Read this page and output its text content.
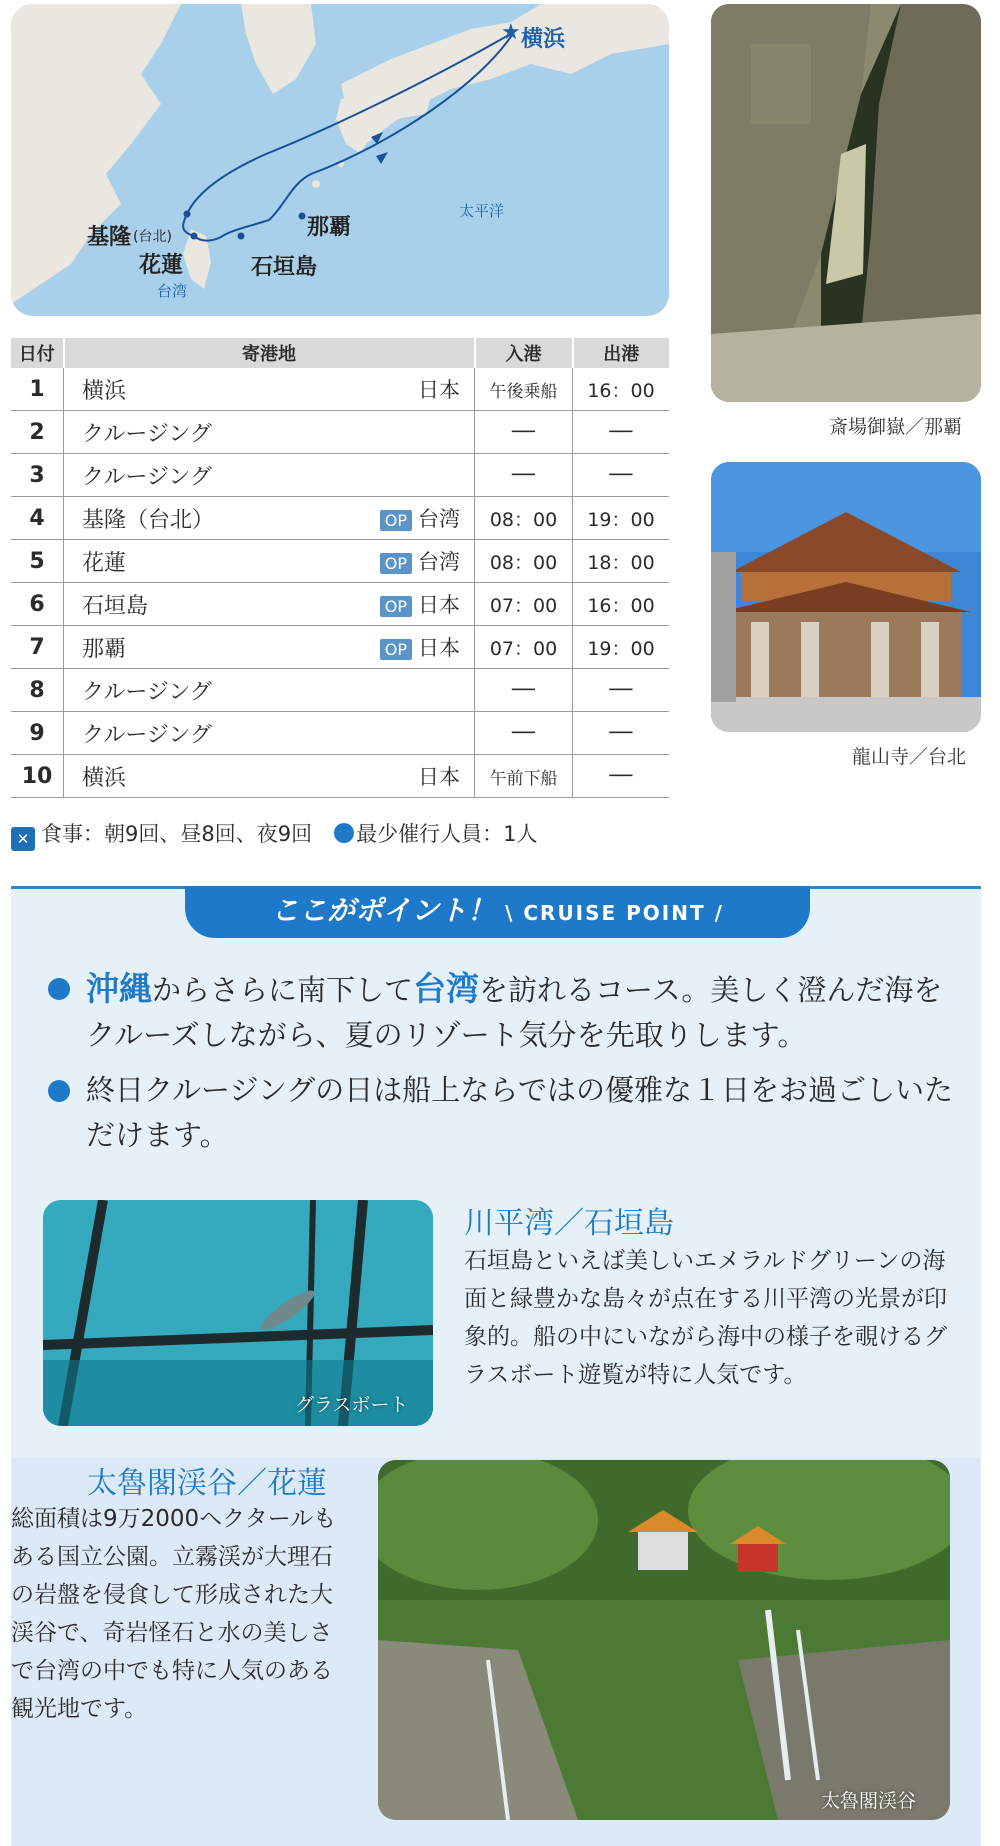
★ 横浜
基隆 (台北)
花蓮
台湾
石垣島
那覇
太平洋
日付	寄港地	入港	出港
1	横浜 日本	午後乗船	16：00
2	クルージング	──	──
3	クルージング	──	──
4	基隆（台北） OP 台湾	08：00	19：00
5	花蓮 OP 台湾	08：00	18：00
6	石垣島 OP 日本	07：00	16：00
7	那覇 OP 日本	07：00	19：00
8	クルージング	──	──
9	クルージング	──	──
10	横浜 日本	午前下船	──
✕ 食事：朝9回、昼8回、夜9回 最少催行人員：1人
斎場御嶽／那覇
龍山寺／台北
ここがポイント！ \ CRUISE POINT /
沖縄からさらに南下して台湾を訪れるコース。美しく澄んだ海をクルーズしながら、夏のリゾート気分を先取りします。
終日クルージングの日は船上ならではの優雅な１日をお過ごしいただけます。
グラスボート
川平湾／石垣島
石垣島といえば美しいエメラルドグリーンの海面と緑豊かな島々が点在する川平湾の光景が印象的。船の中にいながら海中の様子を覗けるグラスボート遊覧が特に人気です。
太魯閣渓谷／花蓮
総面積は9万2000ヘクタールもある国立公園。立霧渓が大理石の岩盤を侵食して形成された大渓谷で、奇岩怪石と水の美しさで台湾の中でも特に人気のある観光地です。
太魯閣渓谷
